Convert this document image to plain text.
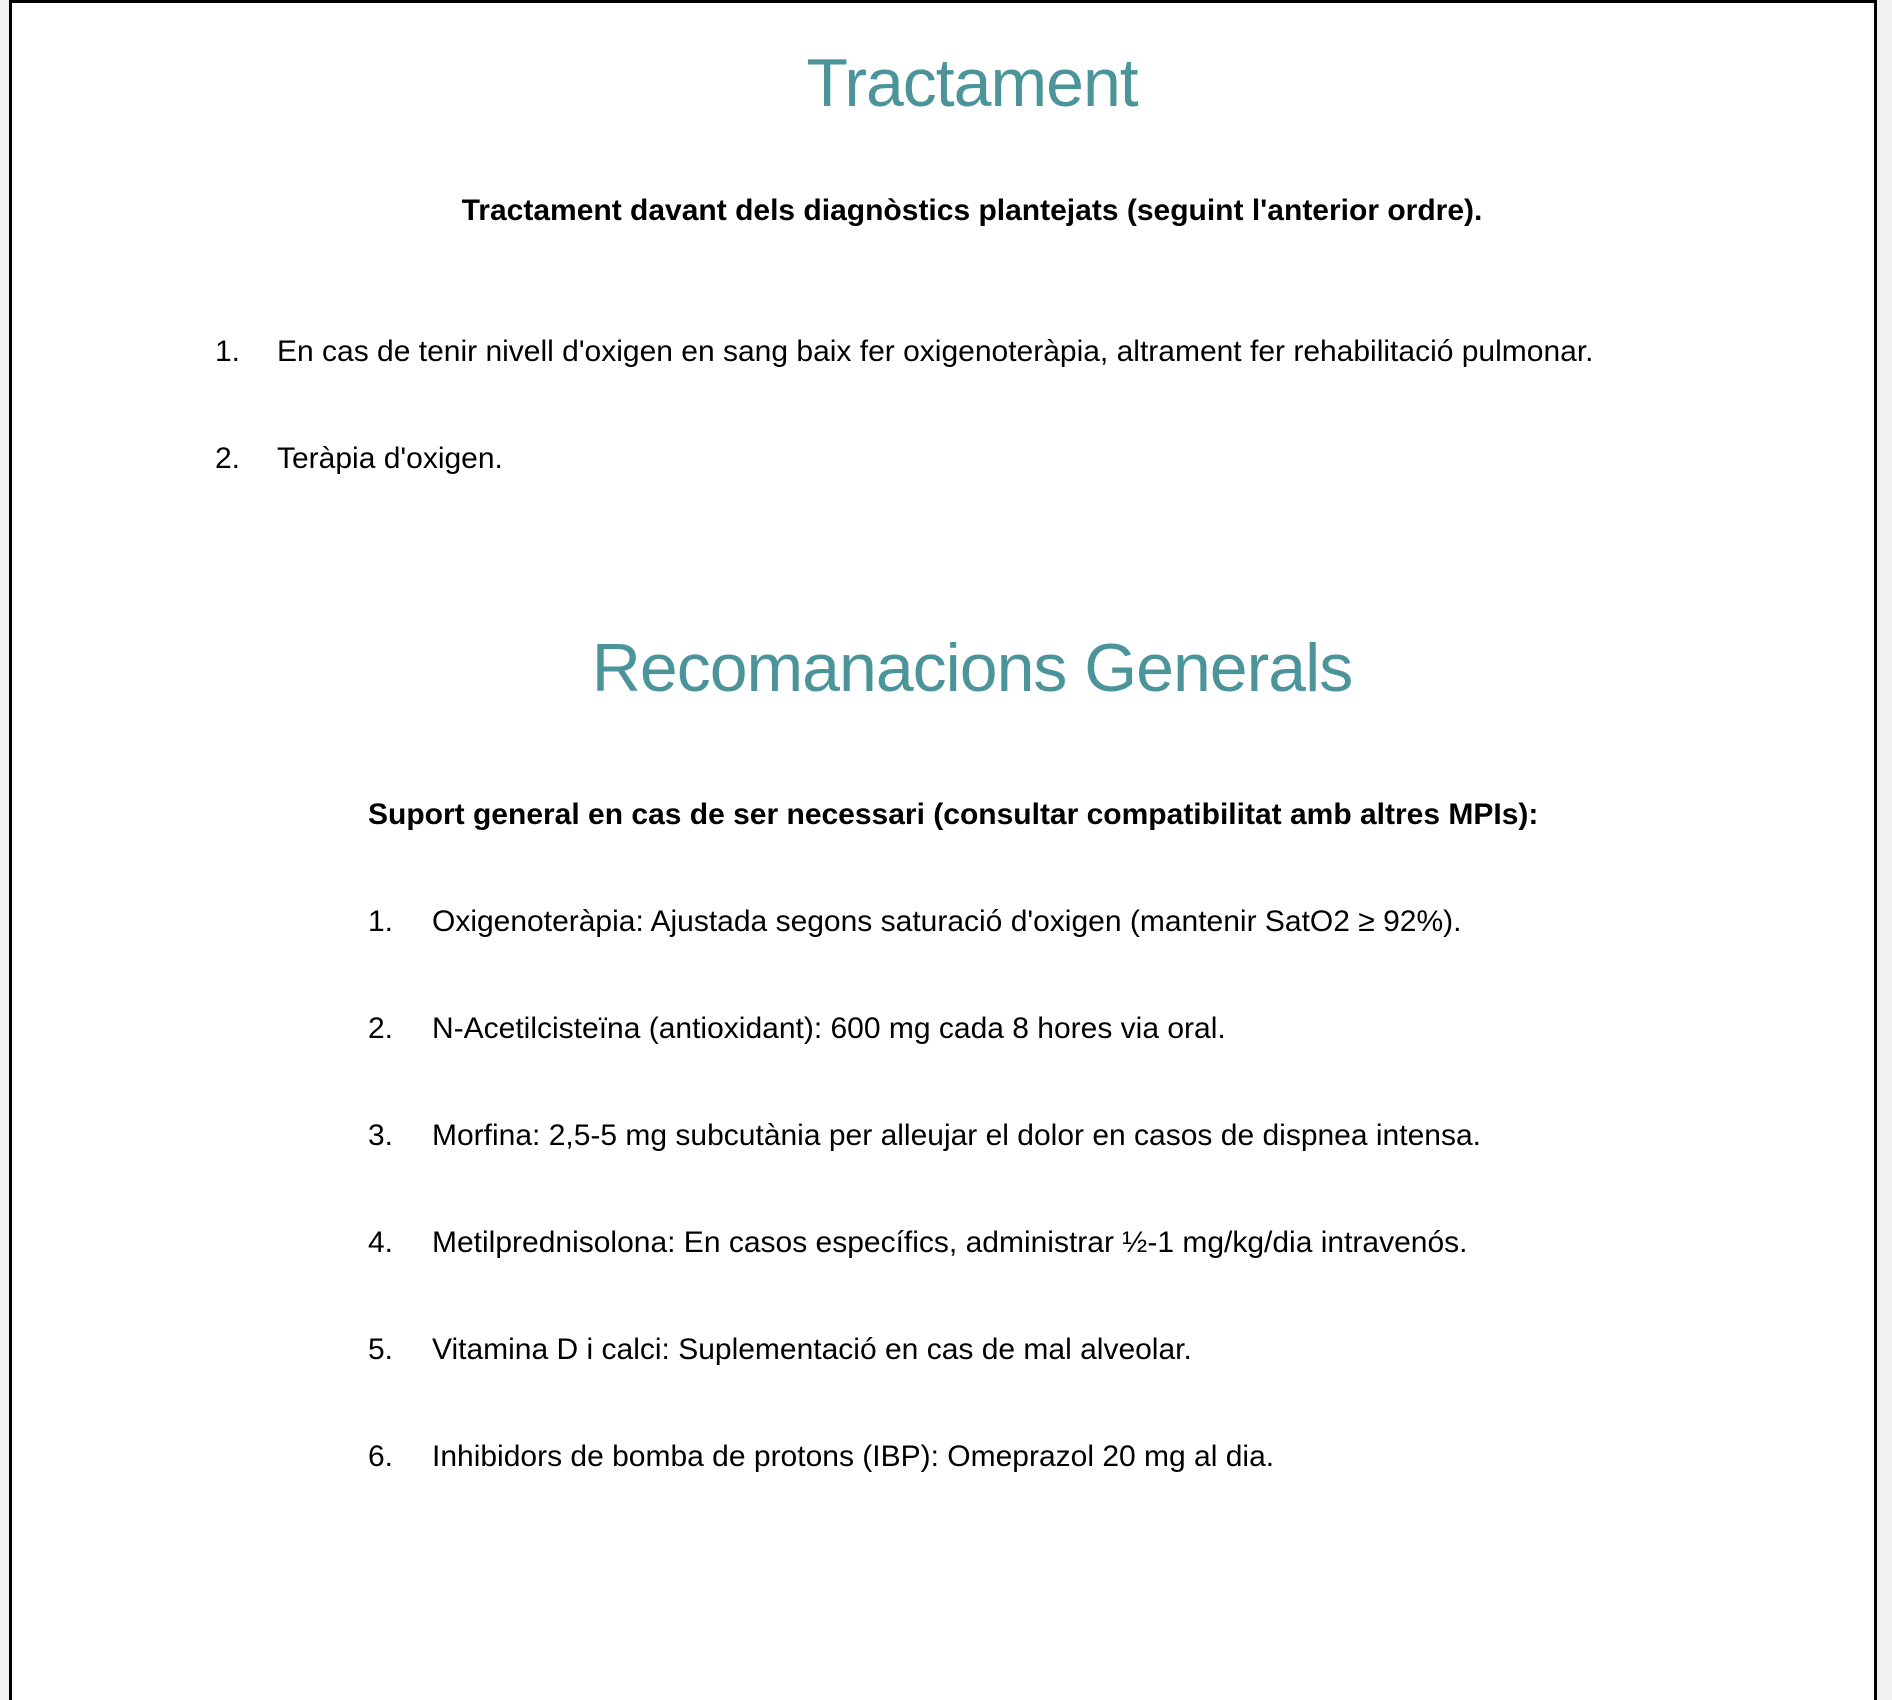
Tractament

Tractament davant dels diagnòstics plantejats (seguint l'anterior ordre).

1.	En cas de tenir nivell d'oxigen en sang baix fer oxigenoteràpia, altrament fer rehabilitació pulmonar.
2.	Teràpia d'oxigen.
Recomanacions Generals

Suport general en cas de ser necessari (consultar compatibilitat amb altres MPIs):

1.	Oxigenoteràpia: Ajustada segons saturació d'oxigen (mantenir SatO2 ≥ 92%).
2.	N-Acetilcisteïna (antioxidant): 600 mg cada 8 hores via oral.
3.	Morfina: 2,5-5 mg subcutània per alleujar el dolor en casos de dispnea intensa.
4.	Metilprednisolona: En casos específics, administrar ½-1 mg/kg/dia intravenós.
5.	Vitamina D i calci: Suplementació en cas de mal alveolar.
6.	Inhibidors de bomba de protons (IBP): Omeprazol 20 mg al dia.
